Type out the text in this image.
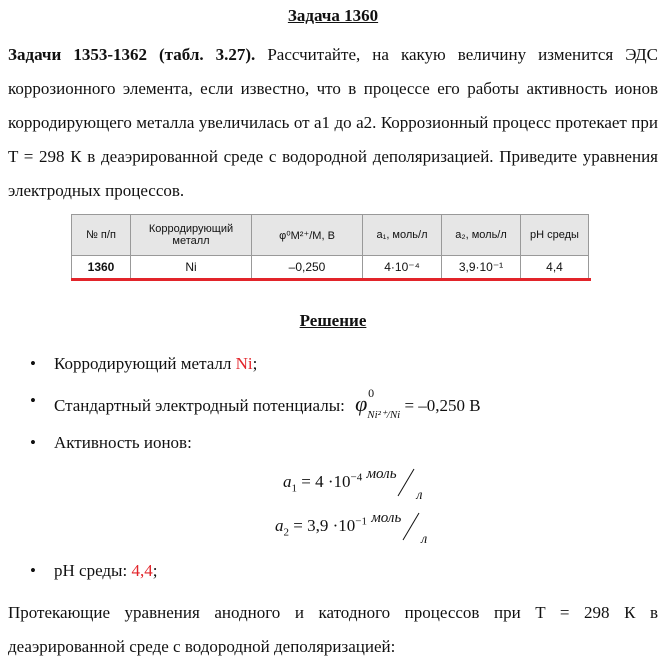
Задача 1360
Задачи 1353-1362 (табл. 3.27). Рассчитайте, на какую величину изменится ЭДС коррозионного элемента, если известно, что в процессе его работы активность ионов корродирующего металла увеличилась от a1 до a2. Коррозионный процесс протекает при T = 298 К в деаэрированной среде с водородной деполяризацией. Приведите уравнения электродных процессов.
№ п/п	Корродирующий металл	φ⁰M²⁺/M, В	a₁, моль/л	a₂, моль/л	pH среды
1360	Ni	–0,250	4·10⁻⁴	3,9·10⁻¹	4,4
Решение
• Корродирующий металл Ni;
• Стандартный электродный потенциалы: φ 0
$_{Ni^{2+}/Ni}$ = –0,250 В
• Активность ионов:
$a_1 = 4 \cdot 10^{-4}$ моль
л
$a_2 = 3,9 \cdot 10^{-1}$ моль
л
• pH среды: 4,4;
Протекающие уравнения анодного и катодного процессов при T = 298 К в деаэрированной среде с водородной деполяризацией:
